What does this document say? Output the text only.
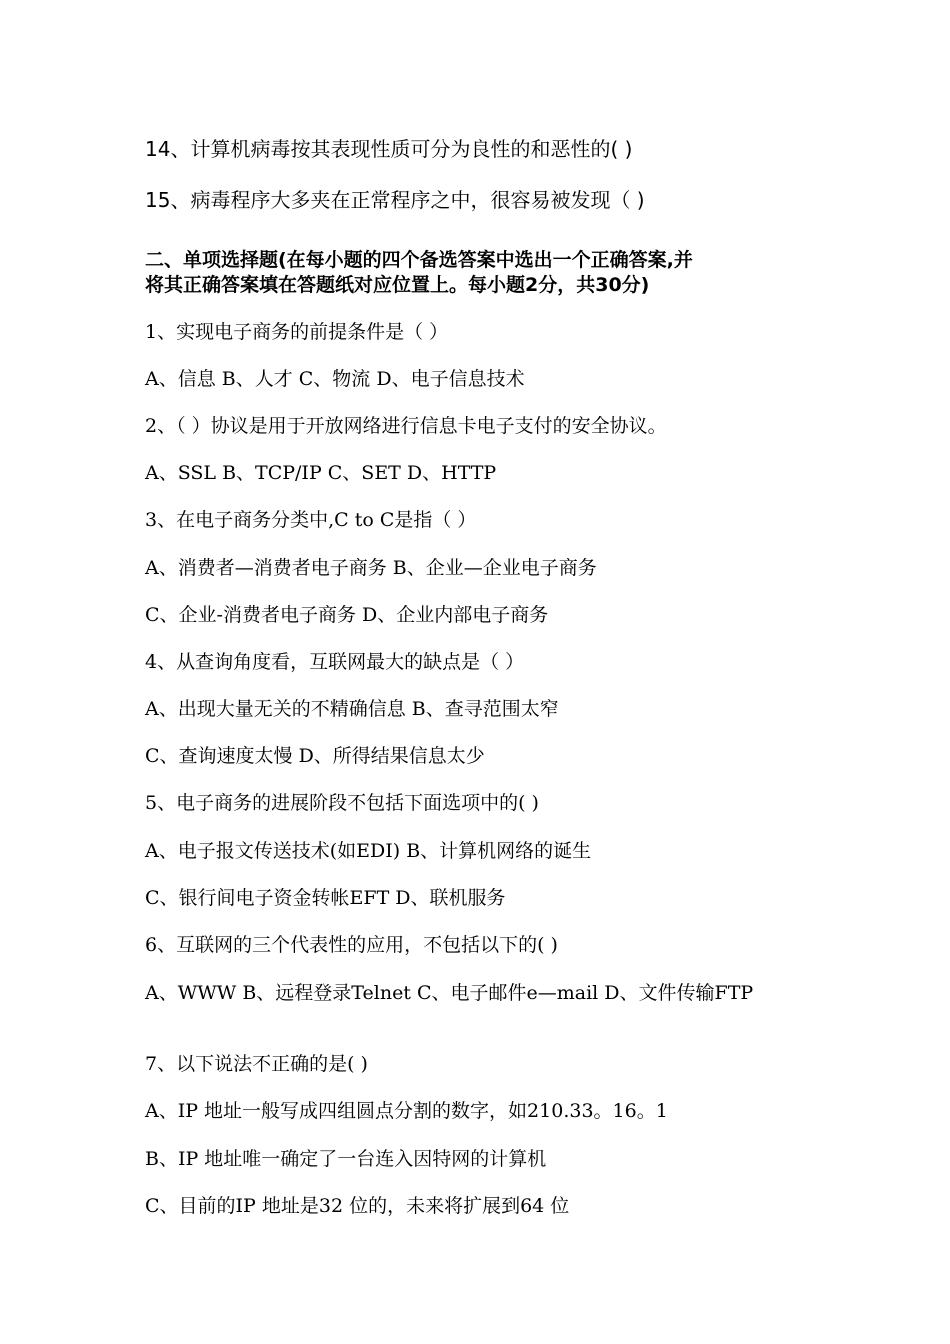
14、计算机病毒按其表现性质可分为良性的和恶性的( )
15、病毒程序大多夹在正常程序之中，很容易被发现（ )
二、单项选择题(在每小题的四个备选答案中选出一个正确答案,并
将其正确答案填在答题纸对应位置上。每小题2分，共30分)
1、实现电子商务的前提条件是（ ）
A、信息 B、人才 C、物流 D、电子信息技术
2、（ ）协议是用于开放网络进行信息卡电子支付的安全协议。
A、SSL B、TCP/IP C、SET D、HTTP
3、在电子商务分类中,C to C是指（ ）
A、消费者—消费者电子商务 B、企业—企业电子商务
C、企业-消费者电子商务 D、企业内部电子商务
4、从查询角度看，互联网最大的缺点是（ ）
A、出现大量无关的不精确信息 B、查寻范围太窄
C、查询速度太慢 D、所得结果信息太少
5、电子商务的进展阶段不包括下面选项中的( )
A、电子报文传送技术(如EDI) B、计算机网络的诞生
C、银行间电子资金转帐EFT D、联机服务
6、互联网的三个代表性的应用，不包括以下的( )
A、WWW B、远程登录Telnet C、电子邮件e—mail D、文件传输FTP
7、以下说法不正确的是( )
A、IP 地址一般写成四组圆点分割的数字，如210.33。16。1
B、IP 地址唯一确定了一台连入因特网的计算机
C、目前的IP 地址是32 位的，未来将扩展到64 位
